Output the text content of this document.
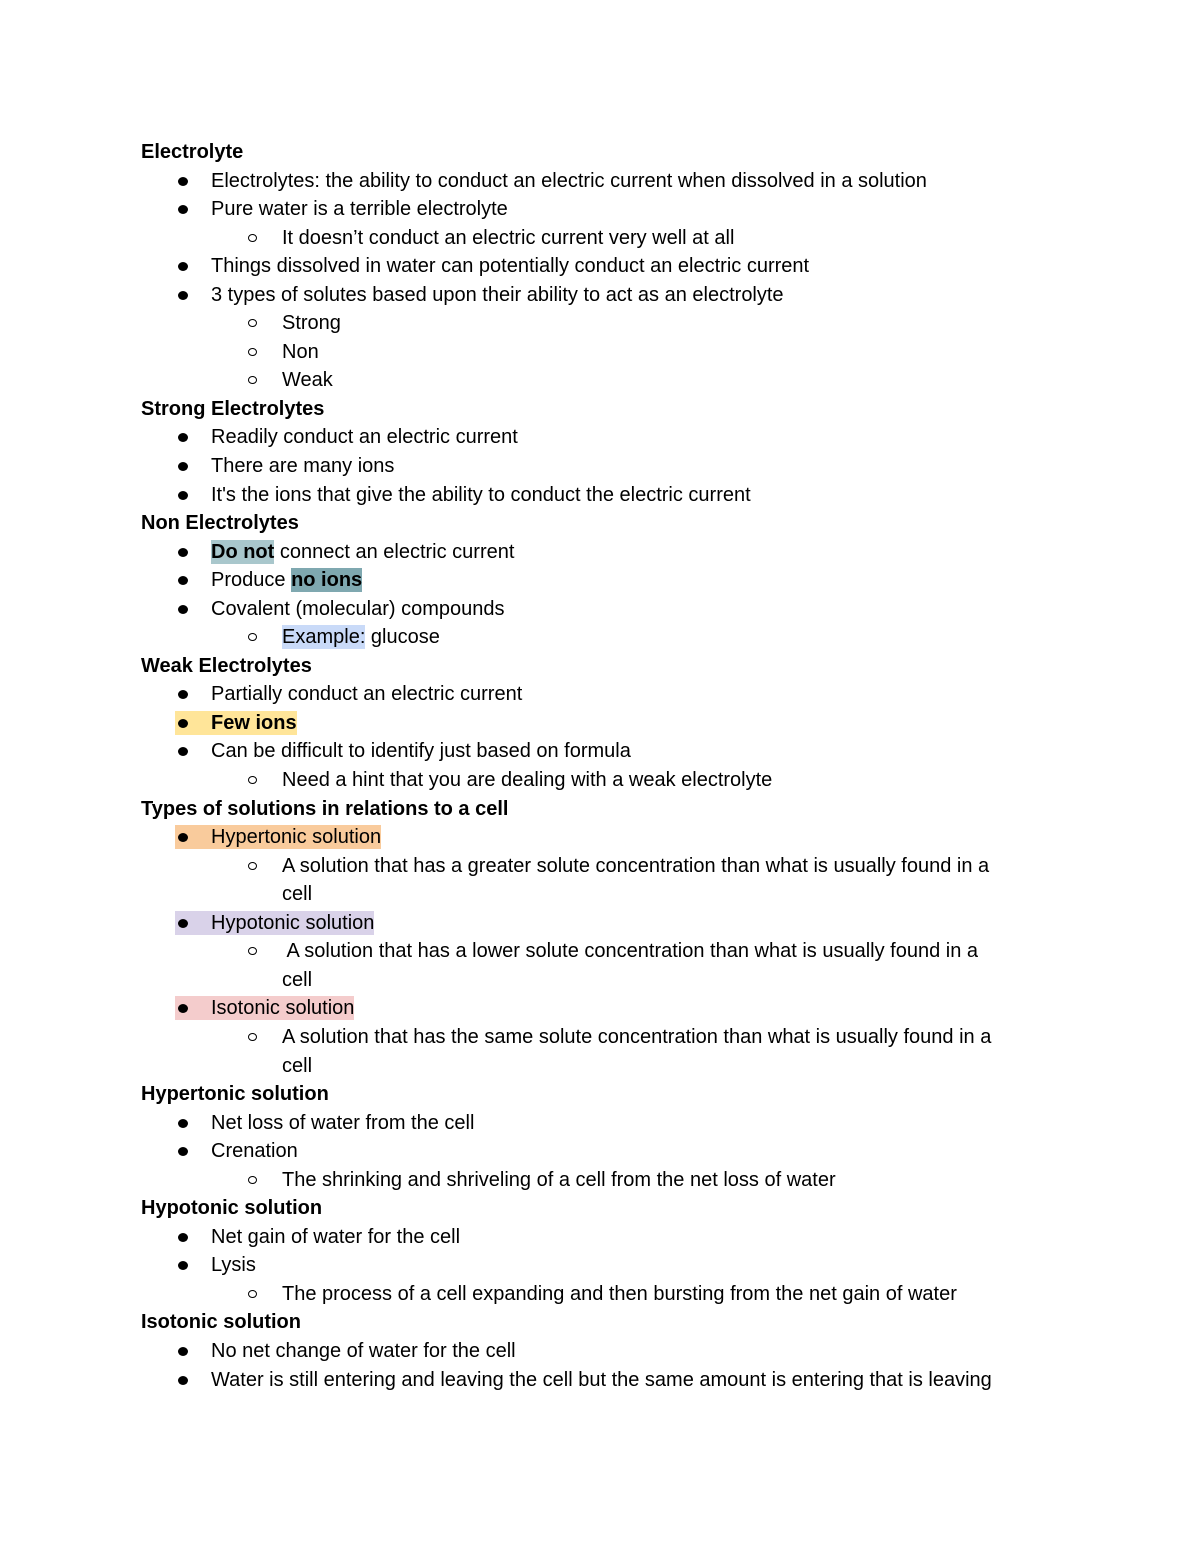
Electrolyte
Electrolytes: the ability to conduct an electric current when dissolved in a solution
Pure water is a terrible electrolyte
It doesn’t conduct an electric current very well at all
Things dissolved in water can potentially conduct an electric current
3 types of solutes based upon their ability to act as an electrolyte
Strong
Non
Weak
Strong Electrolytes
Readily conduct an electric current
There are many ions
It's the ions that give the ability to conduct the electric current
Non Electrolytes
Do not connect an electric current
Produce no ions
Covalent (molecular) compounds
Example: glucose
Weak Electrolytes
Partially conduct an electric current
Few ions
Can be difficult to identify just based on formula
Need a hint that you are dealing with a weak electrolyte
Types of solutions in relations to a cell
Hypertonic solution
A solution that has a greater solute concentration than what is usually found in a
cell
Hypotonic solution
A solution that has a lower solute concentration than what is usually found in a
cell
Isotonic solution
A solution that has the same solute concentration than what is usually found in a
cell
Hypertonic solution
Net loss of water from the cell
Crenation
The shrinking and shriveling of a cell from the net loss of water
Hypotonic solution
Net gain of water for the cell
Lysis
The process of a cell expanding and then bursting from the net gain of water
Isotonic solution
No net change of water for the cell
Water is still entering and leaving the cell but the same amount is entering that is leaving
